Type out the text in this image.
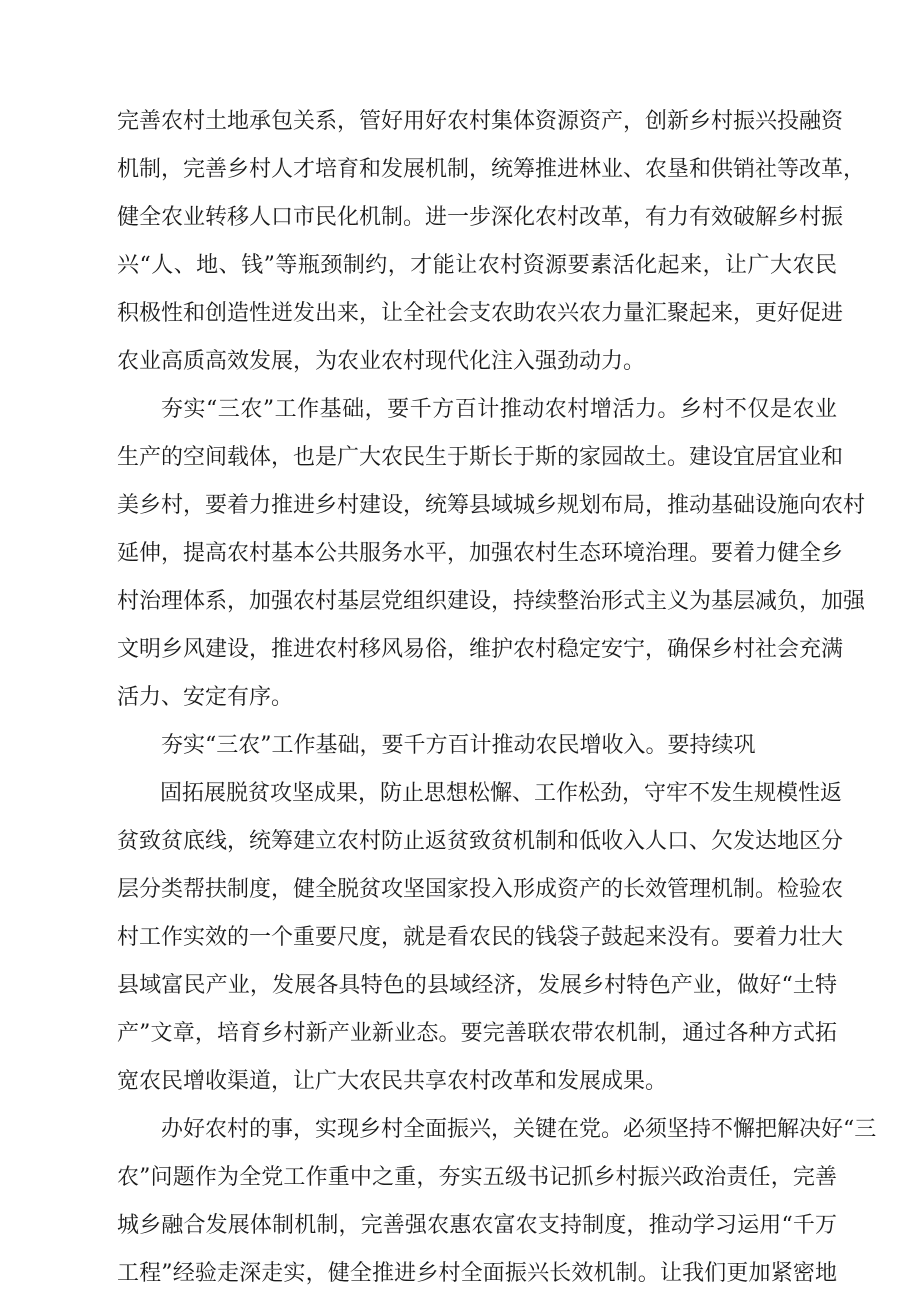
完善农村土地承包关系，管好用好农村集体资源资产，创新乡村振兴投融资
机制，完善乡村人才培育和发展机制，统筹推进林业、农垦和供销社等改革，
健全农业转移人口市民化机制。进一步深化农村改革，有力有效破解乡村振
兴“人、地、钱”等瓶颈制约，才能让农村资源要素活化起来，让广大农民
积极性和创造性迸发出来，让全社会支农助农兴农力量汇聚起来，更好促进
农业高质高效发展，为农业农村现代化注入强劲动力。
夯实“三农”工作基础，要千方百计推动农村增活力。乡村不仅是农业
生产的空间载体，也是广大农民生于斯长于斯的家园故土。建设宜居宜业和
美乡村，要着力推进乡村建设，统筹县域城乡规划布局，推动基础设施向农村
延伸，提高农村基本公共服务水平，加强农村生态环境治理。要着力健全乡
村治理体系，加强农村基层党组织建设，持续整治形式主义为基层减负，加强
文明乡风建设，推进农村移风易俗，维护农村稳定安宁，确保乡村社会充满
活力、安定有序。
夯实“三农”工作基础，要千方百计推动农民增收入。要持续巩
固拓展脱贫攻坚成果，防止思想松懈、工作松劲，守牢不发生规模性返
贫致贫底线，统筹建立农村防止返贫致贫机制和低收入人口、欠发达地区分
层分类帮扶制度，健全脱贫攻坚国家投入形成资产的长效管理机制。检验农
村工作实效的一个重要尺度，就是看农民的钱袋子鼓起来没有。要着力壮大
县域富民产业，发展各具特色的县域经济，发展乡村特色产业，做好“土特
产”文章，培育乡村新产业新业态。要完善联农带农机制，通过各种方式拓
宽农民增收渠道，让广大农民共享农村改革和发展成果。
办好农村的事，实现乡村全面振兴，关键在党。必须坚持不懈把解决好“三
农”问题作为全党工作重中之重，夯实五级书记抓乡村振兴政治责任，完善
城乡融合发展体制机制，完善强农惠农富农支持制度，推动学习运用“千万
工程”经验走深走实，健全推进乡村全面振兴长效机制。让我们更加紧密地
